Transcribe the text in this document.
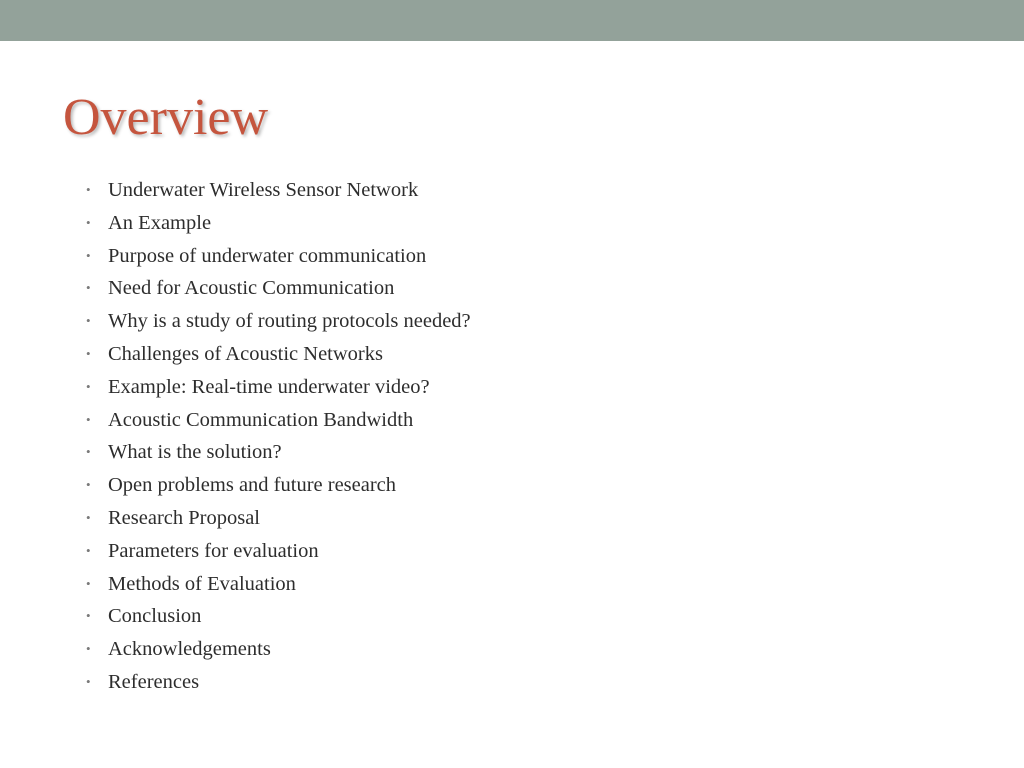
Overview
• Underwater Wireless Sensor Network
• An Example
• Purpose of underwater communication
• Need for Acoustic Communication
• Why is a study of routing protocols needed?
• Challenges of Acoustic Networks
• Example: Real-time underwater video?
• Acoustic Communication Bandwidth
• What is the solution?
• Open problems and future research
• Research Proposal
• Parameters for evaluation
• Methods of Evaluation
• Conclusion
• Acknowledgements
• References
